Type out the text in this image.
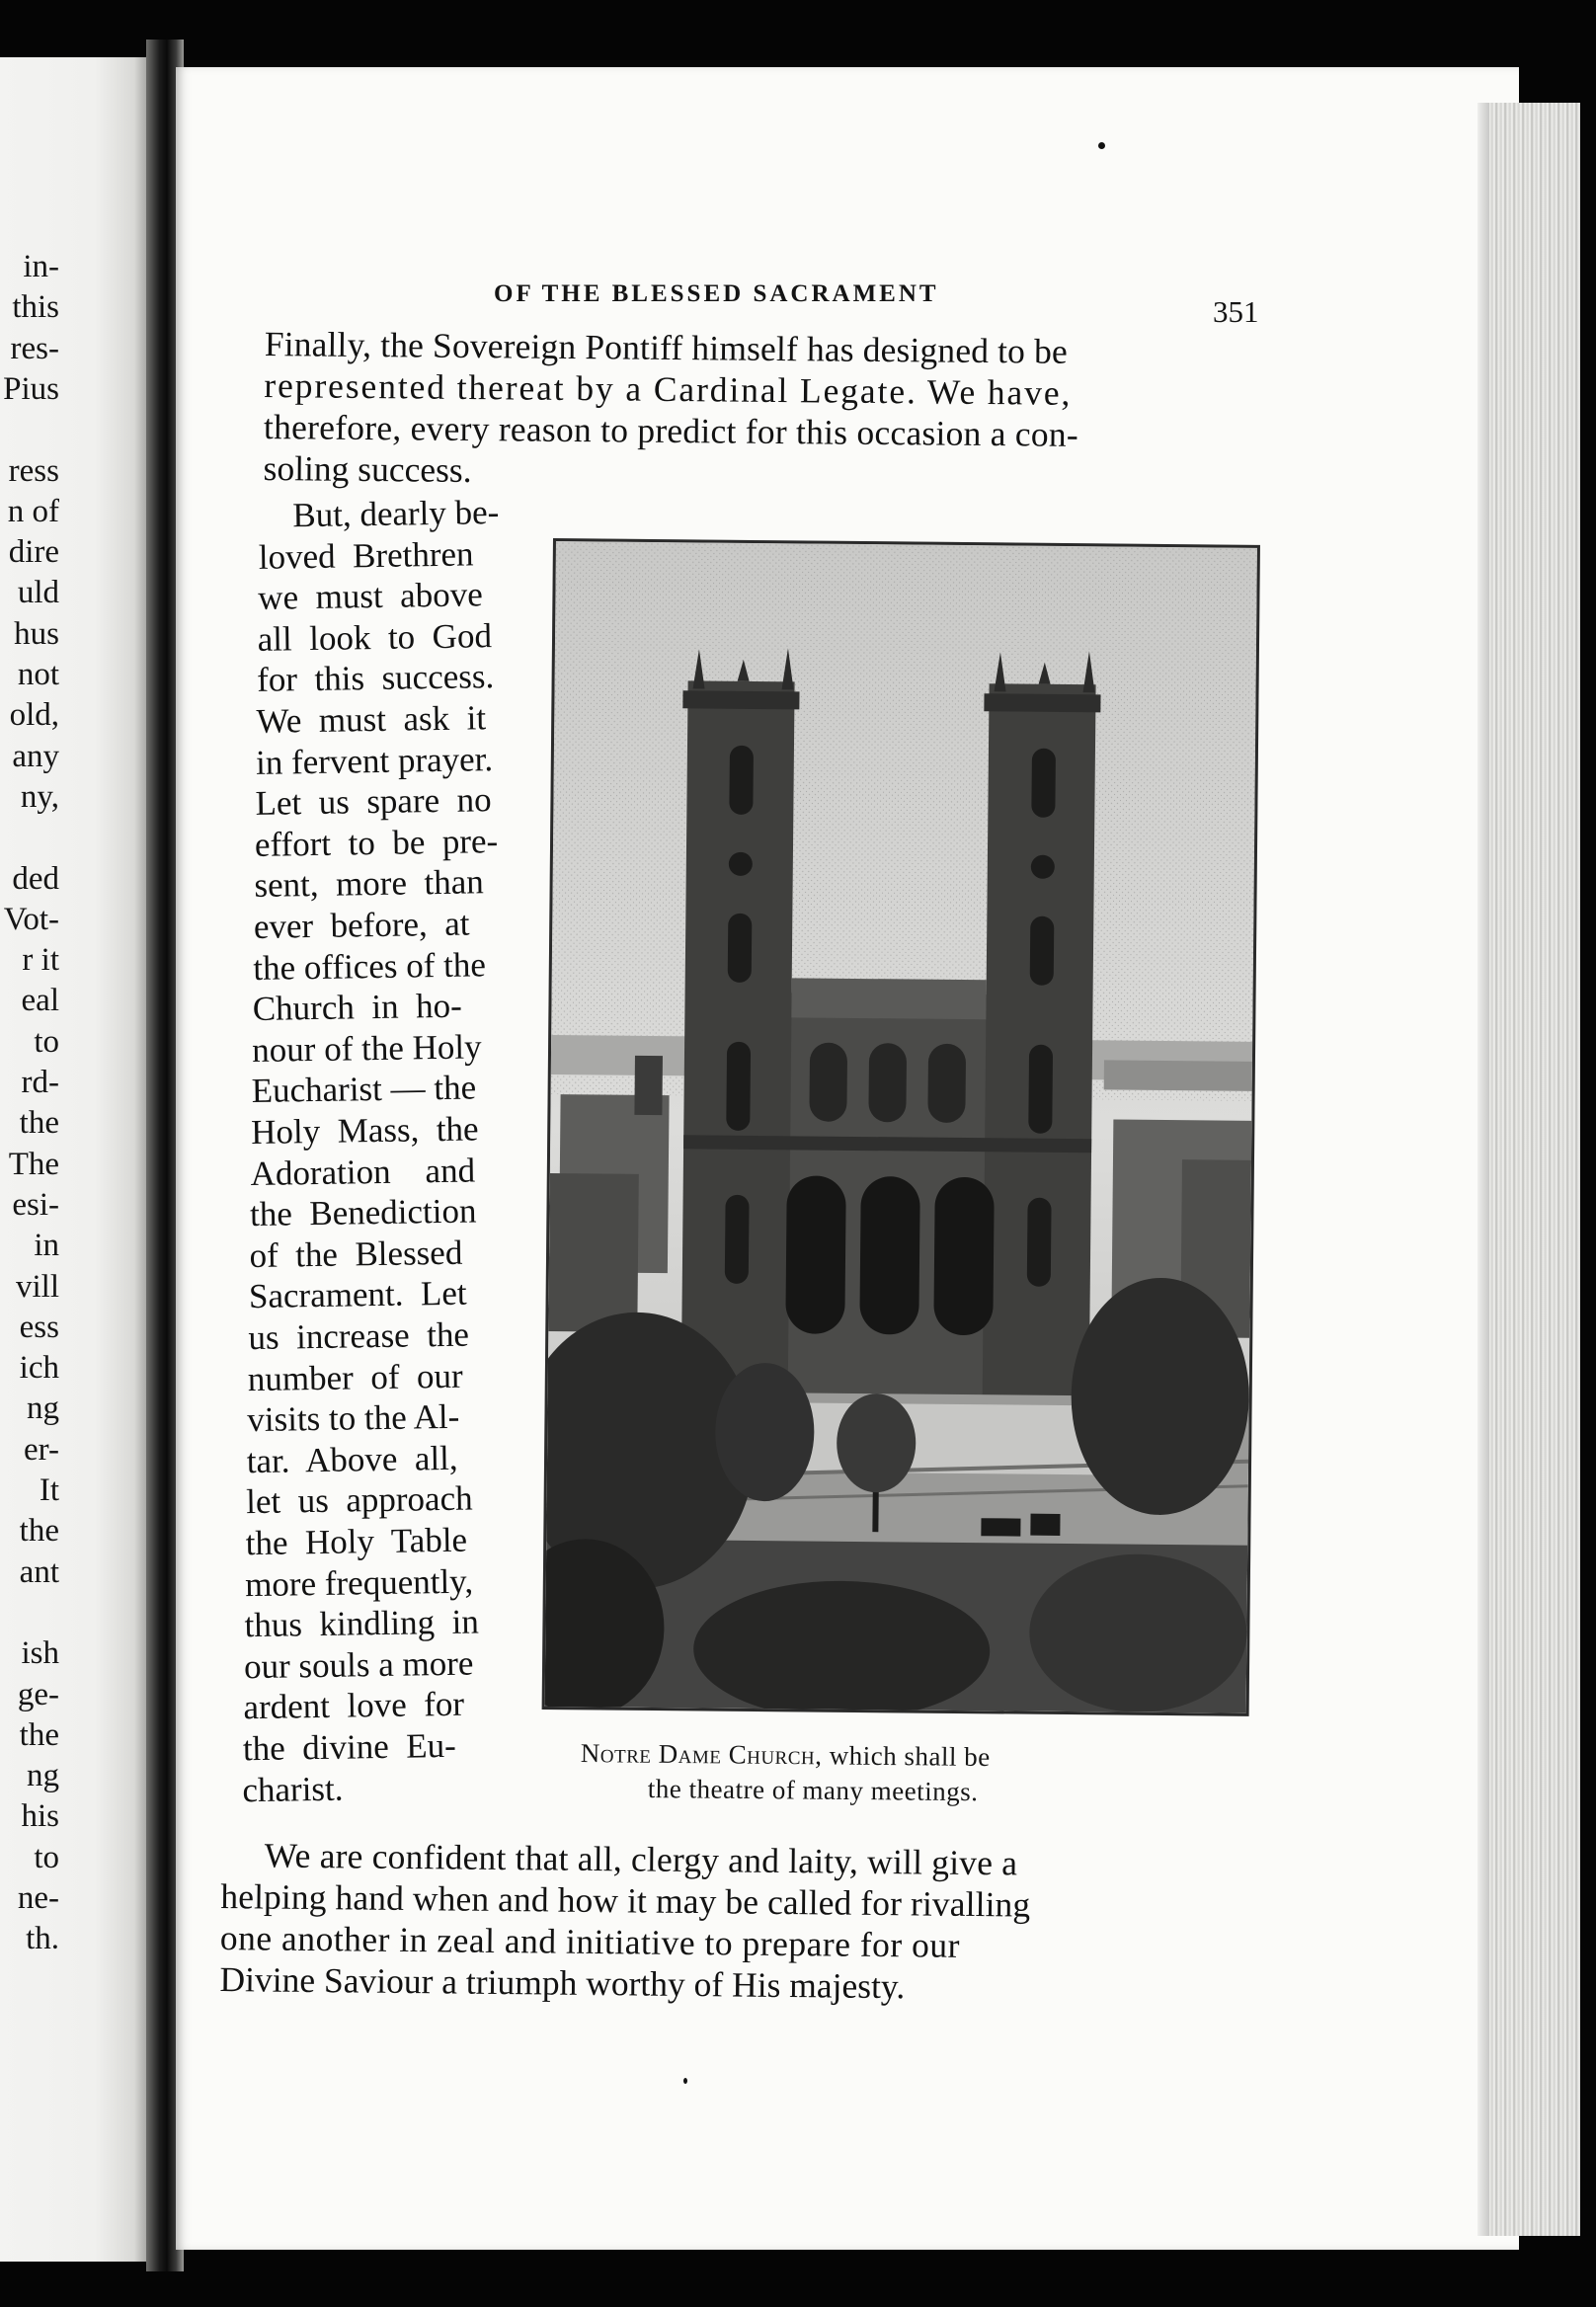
in-
this
res-
Pius
ress
n of
dire
uld
hus
not
old,
any
ny,
ded
Vot-
r it
eal
to
rd-
the
The
esi-
in
vill
ess
ich
ng
er-
It
the
ant
ish
ge-
the
ng
his
to
ne-
th.
OF THE BLESSED SACRAMENT
351
Finally, the Sovereign Pontiff himself has designed to be
represented thereat by a Cardinal Legate. We have,
therefore, every reason to predict for this occasion a con-
soling success.
But, dearly be-
loved  Brethren
we  must  above
all  look  to  God
for  this  success.
We  must  ask  it
in fervent prayer.
Let  us  spare  no
effort  to  be  pre-
sent,  more  than
ever  before,  at
the offices of the
Church  in  ho-
nour of the Holy
Eucharist — the
Holy  Mass,  the
Adoration    and
the  Benediction
of  the  Blessed
Sacrament.  Let
us  increase  the
number  of  our
visits to the Al-
tar.  Above  all,
let  us  approach
the  Holy  Table
more frequently,
thus  kindling  in
our souls a more
ardent  love  for
the  divine  Eu-
charist.
Notre Dame Church, which shall be
the theatre of many meetings.
We are confident that all, clergy and laity, will give a
helping hand when and how it may be called for rivalling
one another in zeal and initiative to prepare for our
Divine Saviour a triumph worthy of His majesty.
